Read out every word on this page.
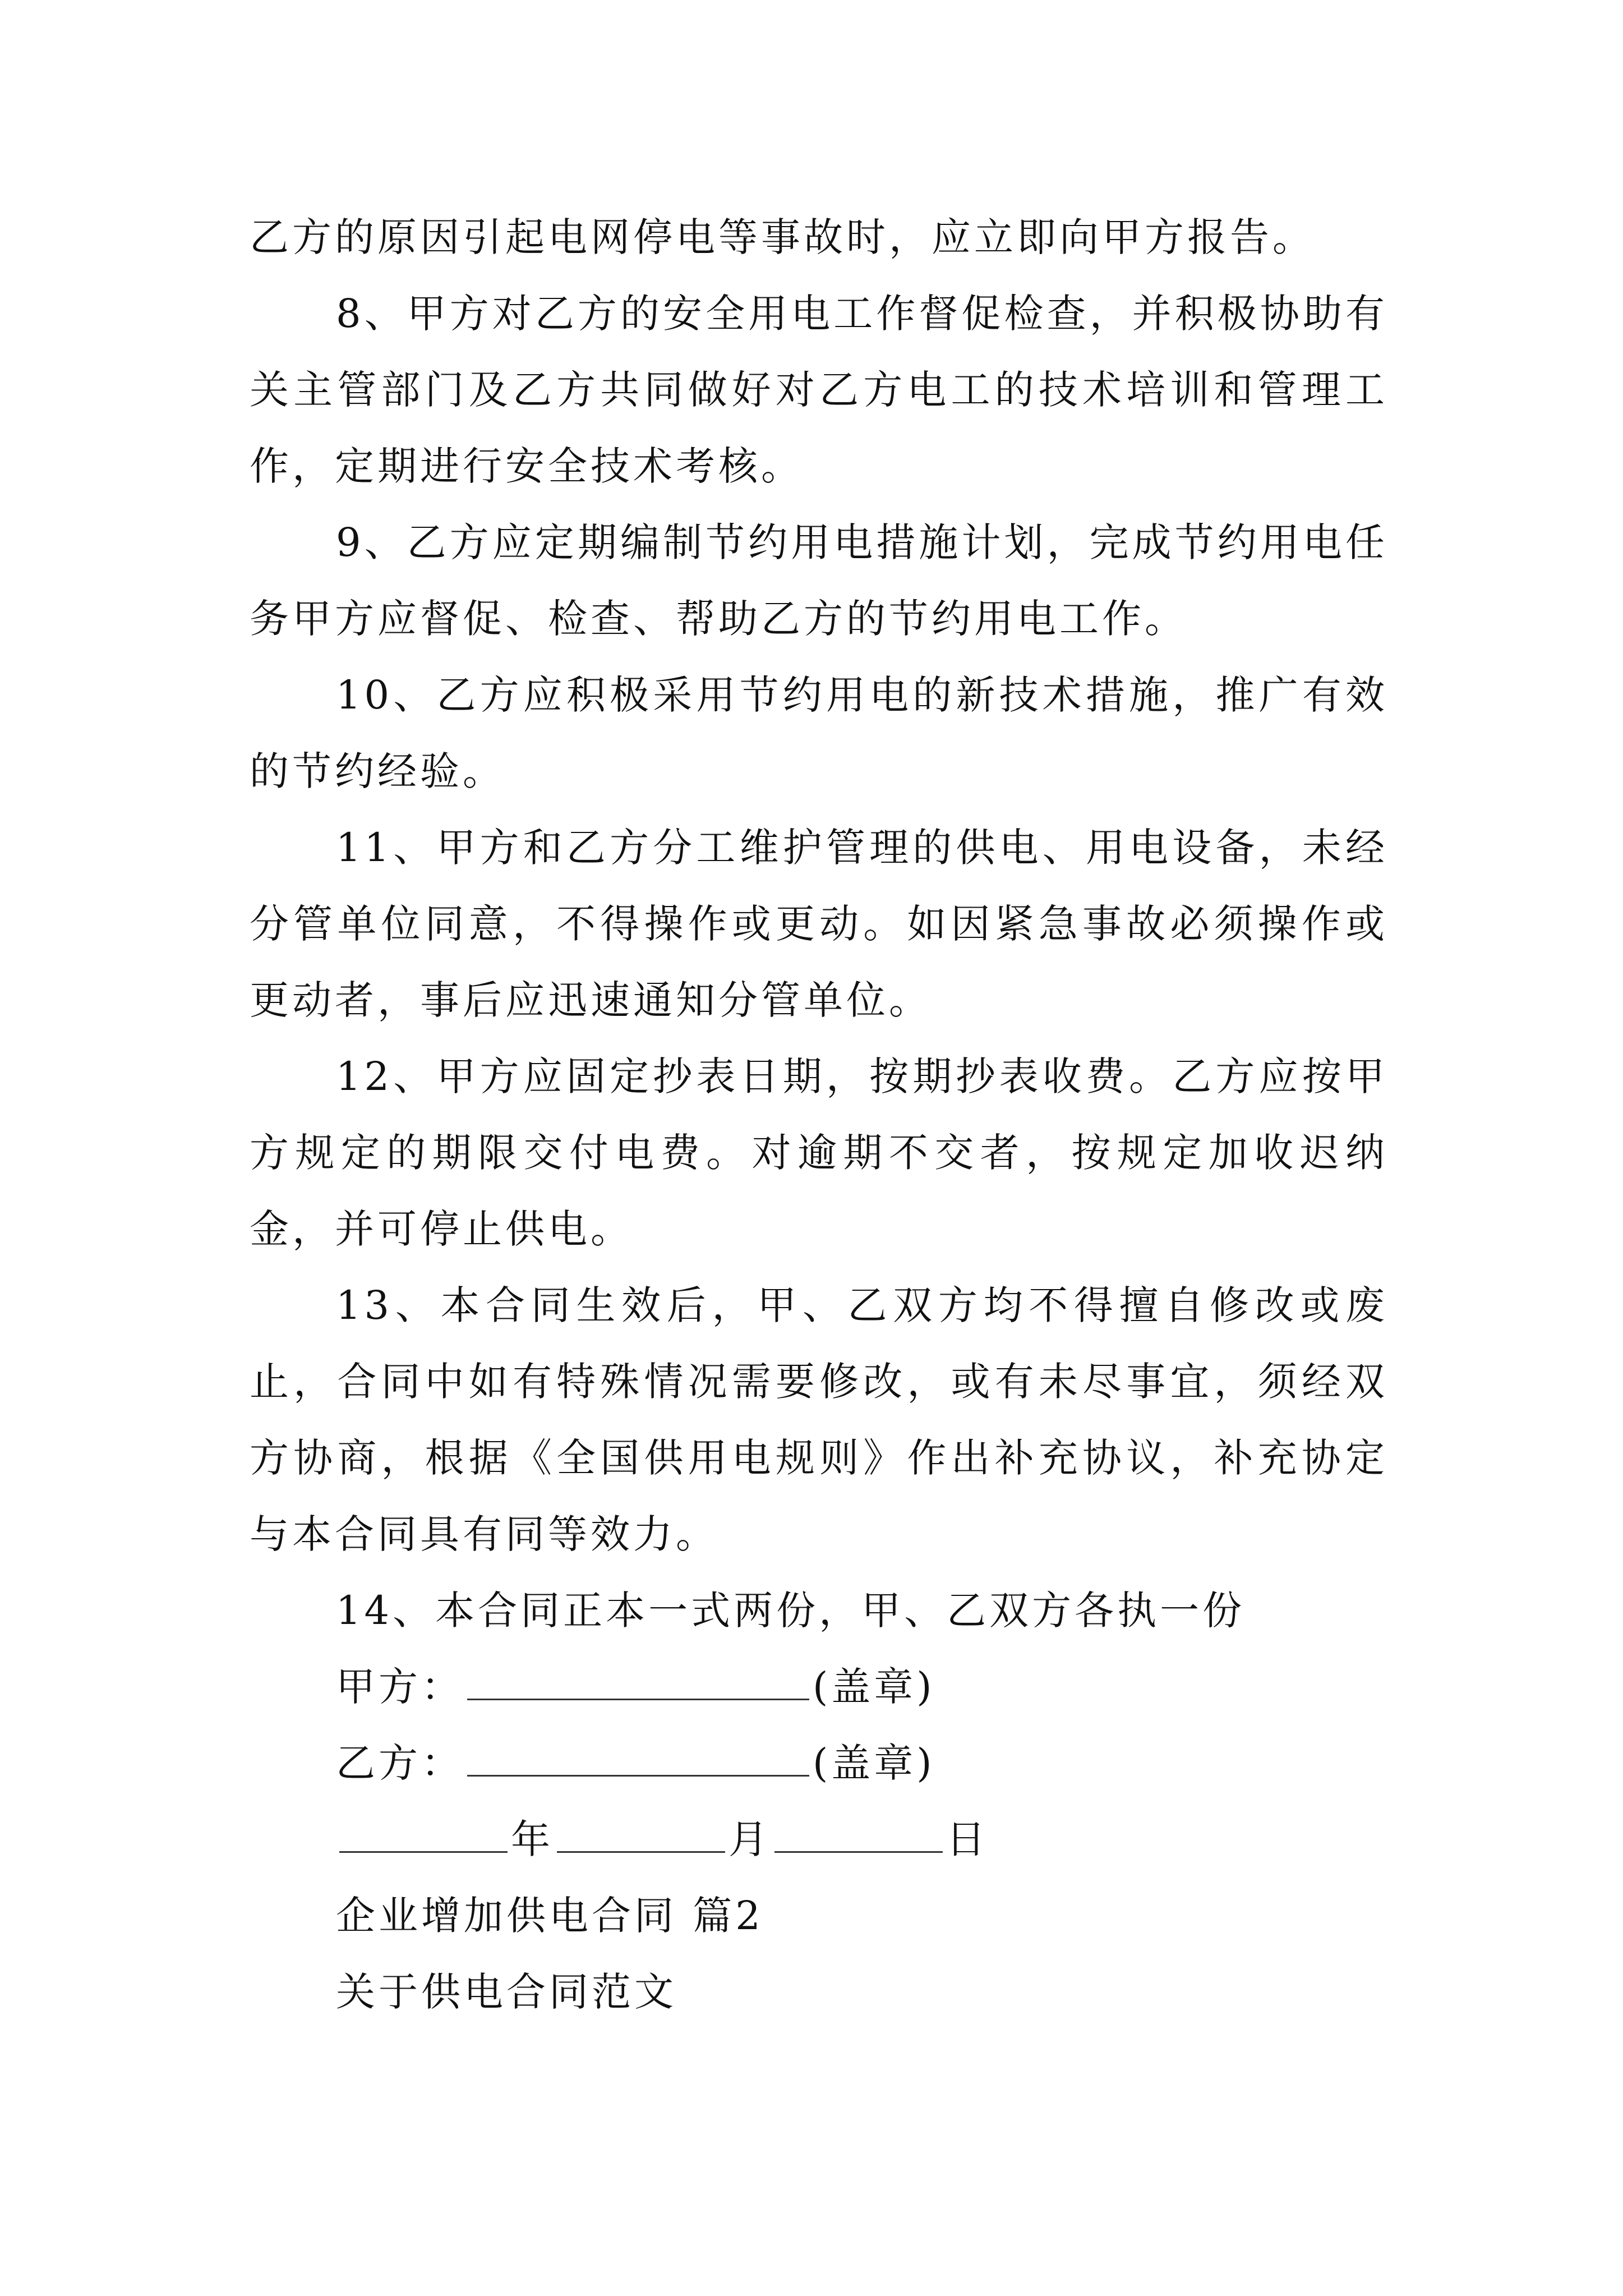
乙方的原因引起电网停电等事故时，应立即向甲方报告。

8、甲方对乙方的安全用电工作督促检查，并积极协助有关主管部门及乙方共同做好对乙方电工的技术培训和管理工作，定期进行安全技术考核。

9、乙方应定期编制节约用电措施计划，完成节约用电任务甲方应督促、检查、帮助乙方的节约用电工作。

10、乙方应积极采用节约用电的新技术措施，推广有效的节约经验。

11、甲方和乙方分工维护管理的供电、用电设备，未经分管单位同意，不得操作或更动。如因紧急事故必须操作或更动者，事后应迅速通知分管单位。

12、甲方应固定抄表日期，按期抄表收费。乙方应按甲方规定的期限交付电费。对逾期不交者，按规定加收迟纳金，并可停止供电。

13、本合同生效后，甲、乙双方均不得擅自修改或废止，合同中如有特殊情况需要修改，或有未尽事宜，须经双方协商，根据《全国供用电规则》作出补充协议，补充协定与本合同具有同等效力。

14、本合同正本一式两份，甲、乙双方各执一份

甲方：	(盖章)

乙方：	(盖章)

年	月	日

企业增加供电合同 篇2

关于供电合同范文
